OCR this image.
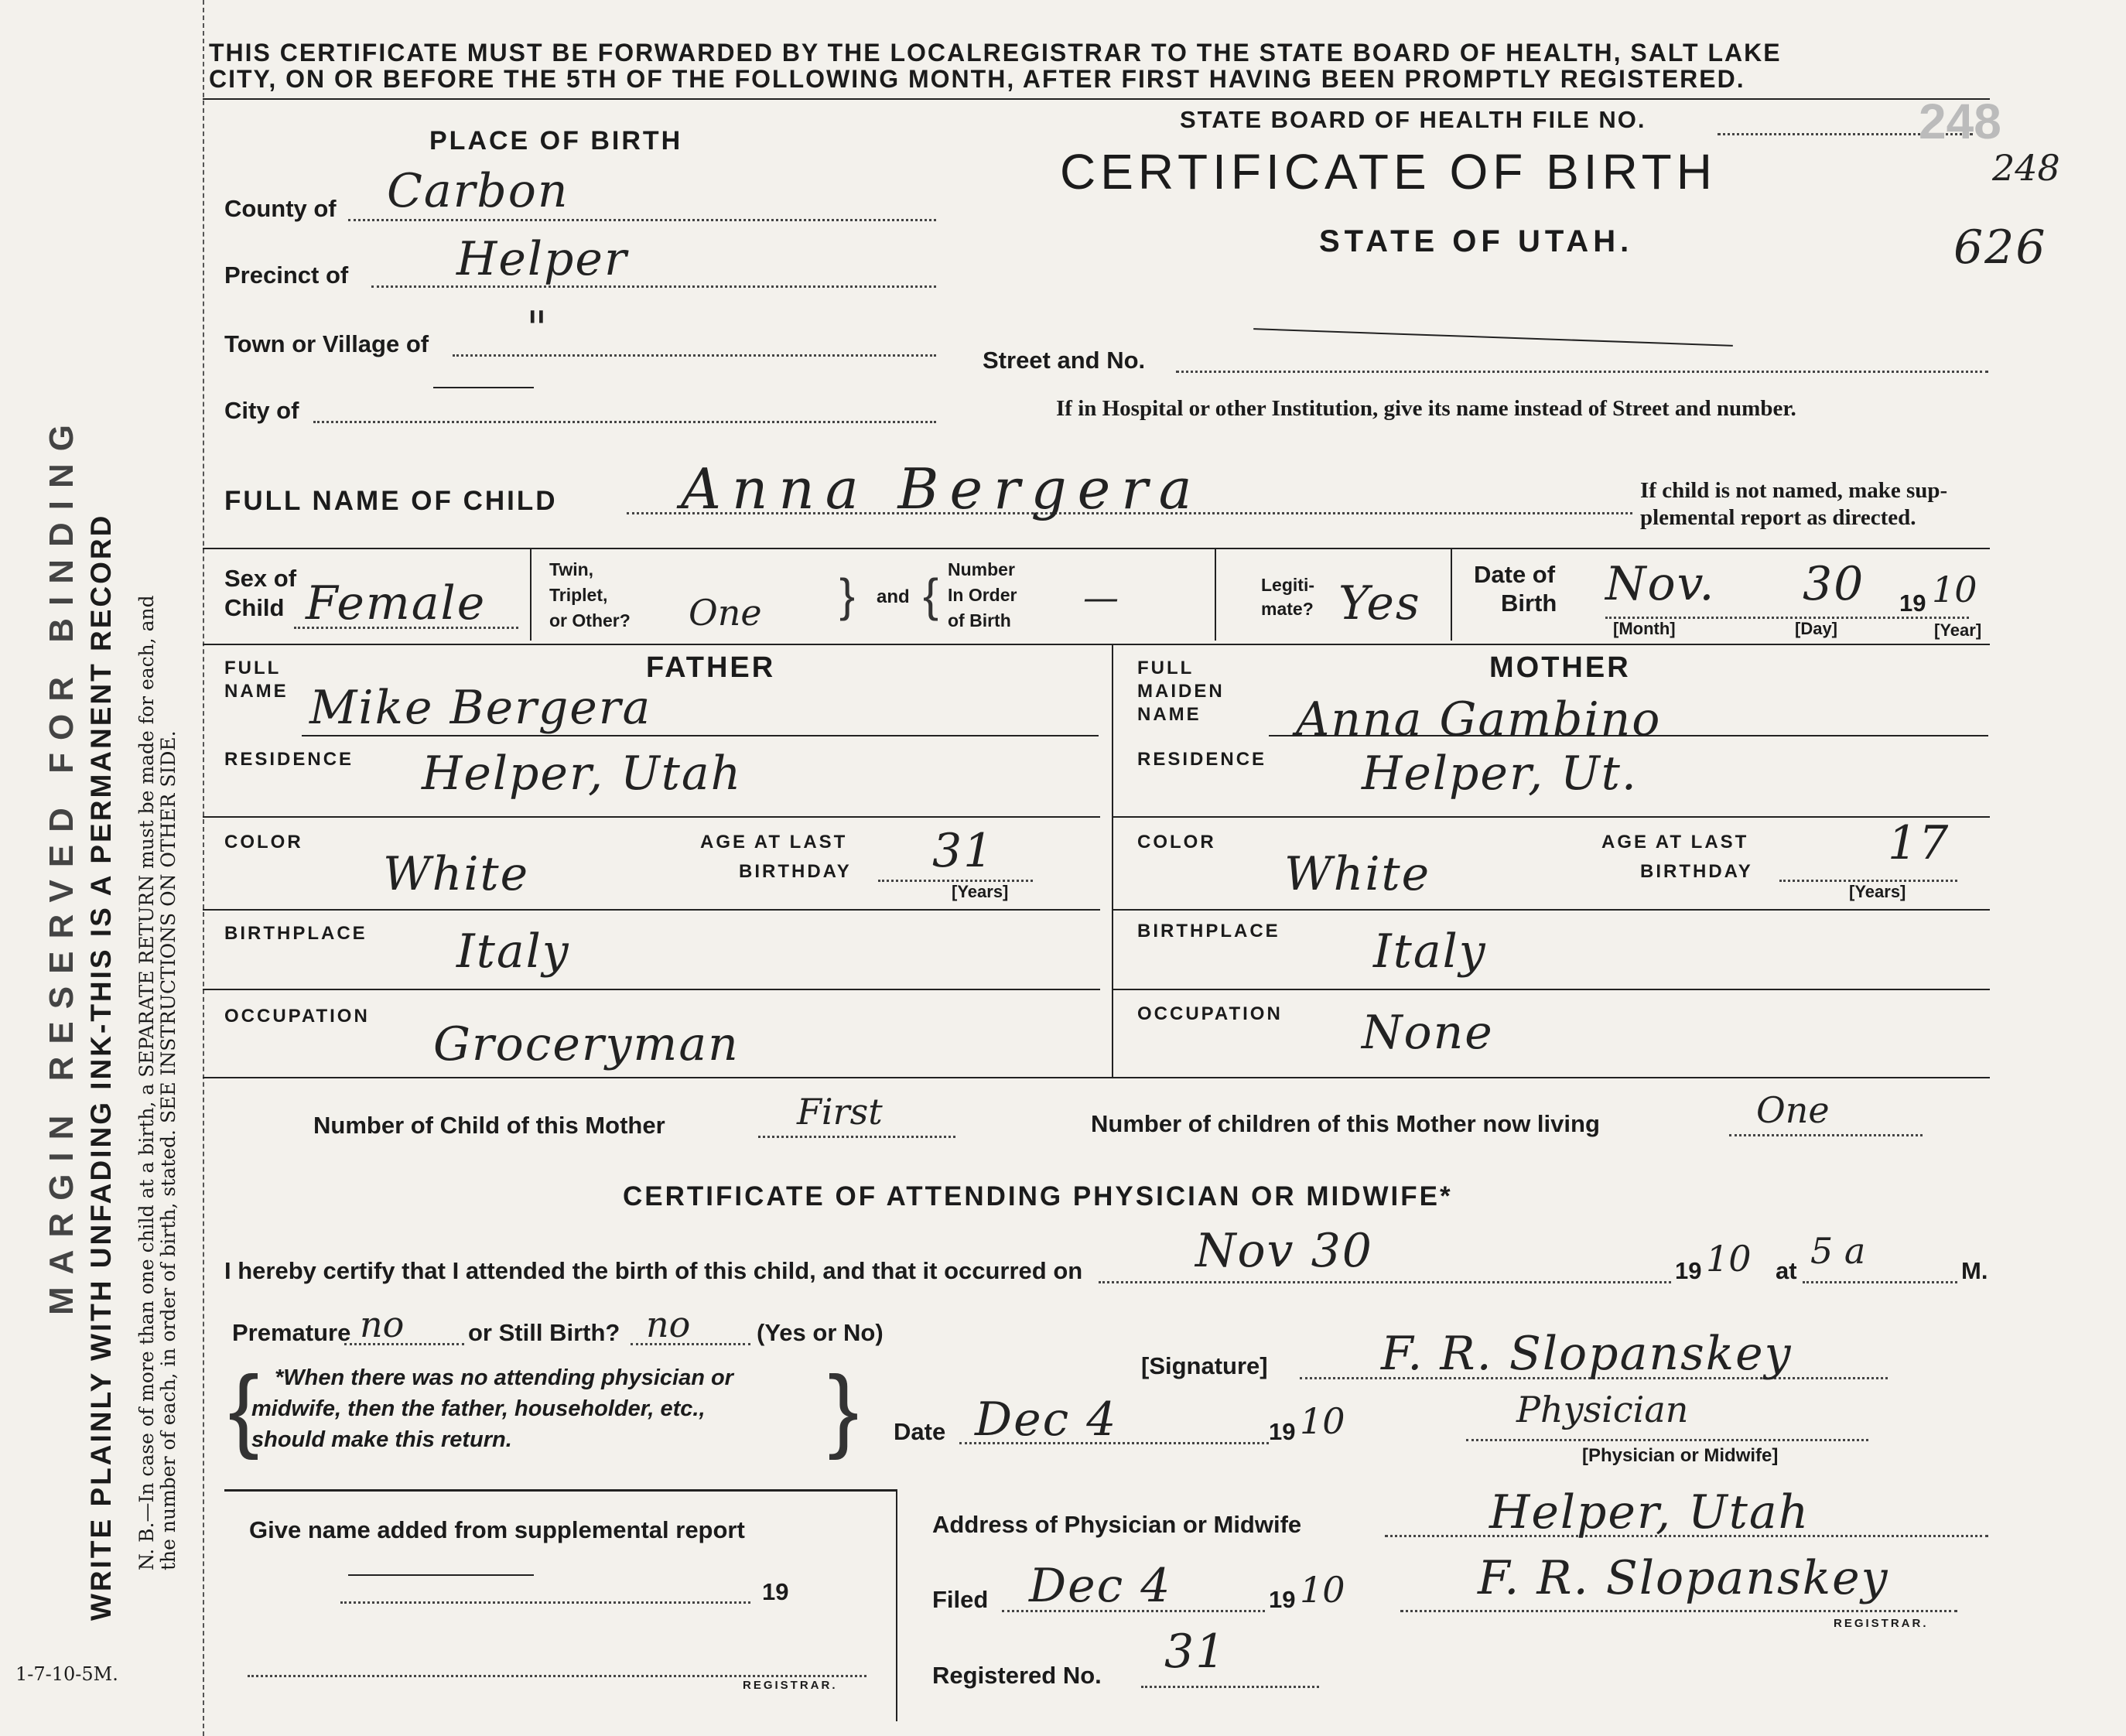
MARGIN RESERVED FOR BINDING WRITE PLAINLY WITH UNFADING INK-THIS IS A PERMANENT RECORD N. B.—In case of more than one child at a birth, a SEPARATE RETURN must be made for each, and the number of each, in order of birth, stated. SEE INSTRUCTIONS ON OTHER SIDE.
1-7-10-5M.
THIS CERTIFICATE MUST BE FORWARDED BY THE LOCALREGISTRAR TO THE STATE BOARD OF HEALTH, SALT LAKE
CITY, ON OR BEFORE THE 5TH OF THE FOLLOWING MONTH, AFTER FIRST HAVING BEEN PROMPTLY REGISTERED.
STATE BOARD OF HEALTH FILE NO.	248
CERTIFICATE OF BIRTH	248
STATE OF UTAH.	626
PLACE OF BIRTH
County of Carbon
Precinct of Helper
Town or Village of "
City of
Street and No.
If in Hospital or other Institution, give its name instead of Street and number.
FULL NAME OF CHILD Anna Bergera	If child is not named, make sup-
plemental report as directed.
Sex of
Child Female
Twin,
Triplet,
or Other? One } and { Number
In Order
of Birth
—	Legiti-
mate? Yes
Date of
Birth Nov. 30 19 10
[Month]	[Day]	[Year]
FULL
NAME
FATHER
Mike Bergera
RESIDENCE Helper, Utah
COLOR
White
AGE AT LAST
BIRTHDAY 31
[Years]
BIRTHPLACE Italy
OCCUPATION
Groceryman
FULL
MAIDEN
NAME
MOTHER
Anna Gambino
RESIDENCE Helper, Ut.
COLOR
White
AGE AT LAST
BIRTHDAY
17
[Years]
BIRTHPLACE Italy
OCCUPATION None
Number of Child of this Mother	First	Number of children of this Mother now living	One
CERTIFICATE OF ATTENDING PHYSICIAN OR MIDWIFE*
I hereby certify that I attended the birth of this child, and that it occurred on Nov 30	19 10 at 5 a	M.
Premature no	or Still Birth? no	(Yes or No)
{ *When there was no attending physician or
midwife, then the father, householder, etc.,
should make this return.	}	[Signature] F. R. Slopanskey
Physician
[Physician or Midwife]
Date Dec 4	19 10
Give name added from supplemental report
19
REGISTRAR.
Address of Physician or Midwife	Helper, Utah
Filed Dec 4	19 10	F. R. Slopanskey
REGISTRAR.
Registered No. 31
